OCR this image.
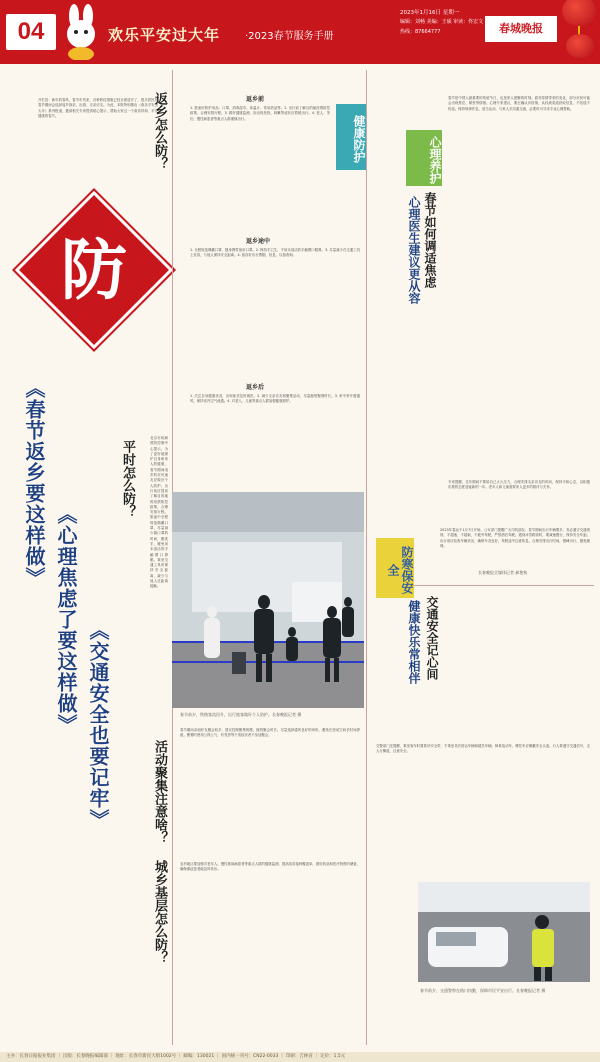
04	欢乐平安过大年 ·2023春节服务手册
2023年1月16日 星期一
编辑：刘畅 美编：王硕 审读：佟宏文
热线：87664777	春城晚报
开栏语：新年的春风，春节年货来，各种防疫措施已经全面放开了，很多居民在春节期间会选择返乡探亲，出游，走亲访友。为此，本报特别推出《欢乐平安过大年》系列报道，邀请相关专家提供贴心提示，帮助大家过一个欢乐祥和、平安健康的春节。
防
《春节返乡要这样做》
《心理焦虑了要这样做》 《交通安全也要记牢》
平时怎么防？
北京市疾病预防控制中心提示，为了更好地保护自身和家人的健康，春节期间返乡的市民朋友应做好个人防护。出行前应提前了解目的地的疫情防控政策，合理安排行程。旅途中全程规范佩戴口罩，尽量减少摘口罩的时间，勤洗手，避免用未清洁的手触摸口鼻眼。乘坐交通工具时保持安全距离，减少与他人近距离接触。
返乡怎么防？
活动聚集注意啥？
城乡基层怎么防？
健康防护
返乡前
1. 准备好防护用品：口罩、消毒湿巾、体温计、常用药品等。2. 出行前了解目的地疫情防控政策，合理安排行程。3. 做好健康监测，如出现发热、咳嗽等症状应暂缓出行。4. 老人、孕妇、慢性病患者等重点人群谨慎出行。
返乡途中
1. 全程规范佩戴口罩，随身携带备用口罩。2. 保持手卫生，不用未清洁的手触摸口眼鼻。3. 尽量减少在交通工具上饮食，与他人保持安全距离。4. 留存好出行票据、信息，以备查询。
返乡后
1. 关注自身健康状况，出现症状及时就医。2. 减少走亲访友和聚集活动，尽量缩短聚餐时长。3. 家中常开窗通风，保持室内空气流通。4. 对老人、儿童等重点人群加强健康照护。
春节前夕，铁路客流回升，出行旅客做好个人防护。长春晚报记者 摄
春节期间亲朋好友聚会较多，建议控制聚集规模，缩短聚会时长。尽量选择通风良好的场所，避免在密闭空间长时间停留。聚餐时使用公筷公勺，有发热等不适症状者不参加聚会。
农村地区要加强对老年人、慢性基础病患者等重点人群的健康监测，提高疫苗接种覆盖率，做好药品和医疗物资的储备，确保重症患者能及时转诊。
心理养护
春节如何调适焦虑
心理医生建议更从容
春节是中国人最重要的传统节日，也是家人团聚的时刻。面对疫情带来的变化，部分市民可能会出现焦虑、紧张等情绪。心理专家建议，要正确认识疫情，从权威渠道获取信息，不信谣不传谣。保持规律作息，适当运动，与家人多沟通交流，必要时可寻求专业心理帮助。
专家提醒，过年期间不要给自己太大压力，合理安排走亲访友的时间，保持平和心态，以积极乐观的态度迎接新的一年。老年人和儿童需要家人更多的陪伴与关怀。
长春晚报全媒体记者 郝艳秋
防寒保安全
交通安全记心间
健康快乐常相伴
2023年春运于1月7日开始，公安部门提醒广大司机朋友：春节期间出行车辆增多，务必遵守交通规则，不超速、不超载、不疲劳驾驶，严禁酒后驾驶。遇到冰雪路面时，要减速慢行，保持安全车距。出行前应检查车辆状况，确保车况良好。驾驶途中注意休息，合理安排出行时间，错峰出行，避免拥堵。
交警部门还提醒，乘坐客车时要系好安全带，不乘坐非法营运车辆和超员车辆。骑乘电动车、摩托车应佩戴安全头盔。行人要遵守交通信号，走人行横道，注意安全。
春节前夕，交通警察在路口执勤，保障市民平安出行。长春晚报记者 摄
主办：长春日报报业集团 ｜ 出版：长春晚报编辑部 ｜ 地址：长春市新民大街1002号 ｜ 邮编：130021 ｜ 国内统一刊号：CN22-0033 ｜ 印刷：吉林省 ｜ 定价：1.5元
